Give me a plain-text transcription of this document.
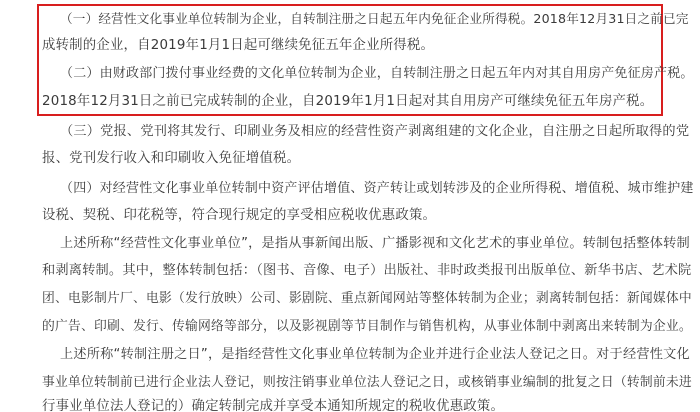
（一）经营性文化事业单位转制为企业，自转制注册之日起五年内免征企业所得税。2018年12月31日之前已完
成转制的企业，自2019年1月1日起可继续免征五年企业所得税。
（二）由财政部门拨付事业经费的文化单位转制为企业，自转制注册之日起五年内对其自用房产免征房产税。
2018年12月31日之前已完成转制的企业，自2019年1月1日起对其自用房产可继续免征五年房产税。
（三）党报、党刊将其发行、印刷业务及相应的经营性资产剥离组建的文化企业，自注册之日起所取得的党
报、党刊发行收入和印刷收入免征增值税。
（四）对经营性文化事业单位转制中资产评估增值、资产转让或划转涉及的企业所得税、增值税、城市维护建
设税、契税、印花税等，符合现行规定的享受相应税收优惠政策。
上述所称“经营性文化事业单位”，是指从事新闻出版、广播影视和文化艺术的事业单位。转制包括整体转制
和剥离转制。其中，整体转制包括：（图书、音像、电子）出版社、非时政类报刊出版单位、新华书店、艺术院
团、电影制片厂、电影（发行放映）公司、影剧院、重点新闻网站等整体转制为企业；剥离转制包括：新闻媒体中
的广告、印刷、发行、传输网络等部分，以及影视剧等节目制作与销售机构，从事业体制中剥离出来转制为企业。
上述所称“转制注册之日”，是指经营性文化事业单位转制为企业并进行企业法人登记之日。对于经营性文化
事业单位转制前已进行企业法人登记，则按注销事业单位法人登记之日，或核销事业编制的批复之日（转制前未进
行事业单位法人登记的）确定转制完成并享受本通知所规定的税收优惠政策。
